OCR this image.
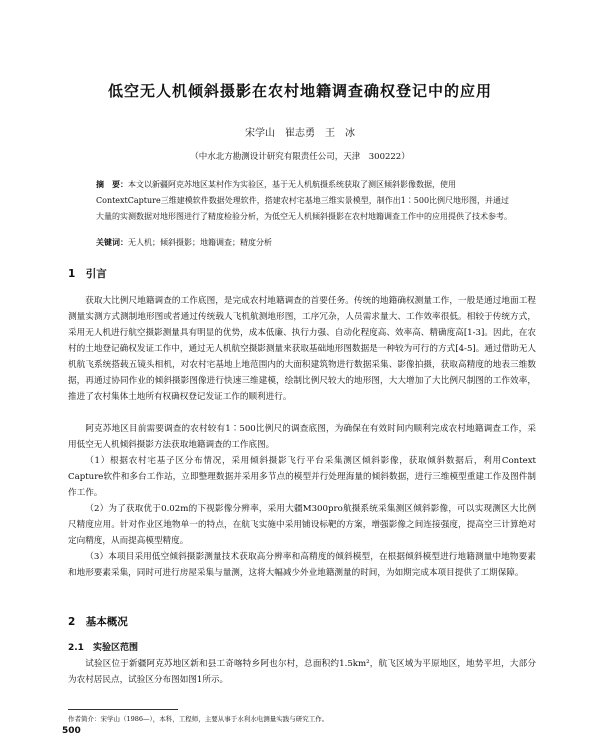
低空无人机倾斜摄影在农村地籍调查确权登记中的应用
宋学山　崔志勇　王　冰
（中水北方勘测设计研究有限责任公司，天津　300222）
摘　要：本文以新疆阿克苏地区某村作为实验区，基于无人机航摄系统获取了测区倾斜影像数据，使用ContextCapture三维建模软件数据处理软件，搭建农村宅基地三维实景模型，制作出1∶500比例尺地形图，并通过大量的实测数据对地形图进行了精度检验分析，为低空无人机倾斜摄影在农村地籍调查工作中的应用提供了技术参考。
关键词：无人机；倾斜摄影；地籍调查；精度分析
1　引言
获取大比例尺地籍调查的工作底图，是完成农村地籍调查的首要任务。传统的地籍确权测量工作，一般是通过地面工程测量实测方式测制地形图或者通过传统载人飞机航测地形图，工序冗杂，人员需求量大、工作效率很低。相较于传统方式，采用无人机进行航空摄影测量具有明显的优势，成本低廉、执行力强、自动化程度高、效率高、精确度高[1-3]。因此，在农村的土地登记确权发证工作中，通过无人机航空摄影测量来获取基础地形图数据是一种较为可行的方式[4-5]。通过借助无人机航飞系统搭载五镜头相机，对农村宅基地上地范围内的大面积建筑物进行数据采集、影像拍摄，获取高精度的地表三维数据，再通过协同作业的倾斜摄影图像进行快速三维建模，绘制比例尺较大的地形图，大大增加了大比例尺制图的工作效率，推进了农村集体土地所有权确权登记发证工作的顺利进行。
阿克苏地区目前需要调查的农村较有1∶500比例尺的调查底图，为确保在有效时间内顺利完成农村地籍调查工作，采用低空无人机倾斜摄影方法获取地籍调查的工作底图。
（1）根据农村宅基子区分布情况，采用倾斜摄影飞行平台采集测区倾斜影像，获取倾斜数据后，利用Context Capture软件和多台工作站，立即整理数据并采用多节点的模型并行处理海量的倾斜数据，进行三维模型重建工作及图件制作工作。
（2）为了获取优于0.02m的下视影像分辨率，采用大疆M300pro航摄系统采集测区倾斜影像，可以实现测区大比例尺精度应用。针对作业区地物单一的特点，在航飞实施中采用铺设标靶的方案，增强影像之间连接强度，提高空三计算绝对定向精度，从而提高模型精度。
（3）本项目采用低空倾斜摄影测量技术获取高分辨率和高精度的倾斜模型，在根据倾斜模型进行地籍测量中地物要素和地形要素采集，同时可进行房屋采集与量测，这将大幅减少外业地籍测量的时间，为如期完成本项目提供了工期保障。
2　基本概况
2.1　实验区范围
试验区位于新疆阿克苏地区新和县工奇喀特乡阿也尔村，总面积约1.5km²，航飞区域为平原地区，地势平坦，大部分为农村居民点，试验区分布图如图1所示。
作者简介：宋学山（1986—），本科，工程师，主要从事于水利水电测量实践与研究工作。
500
